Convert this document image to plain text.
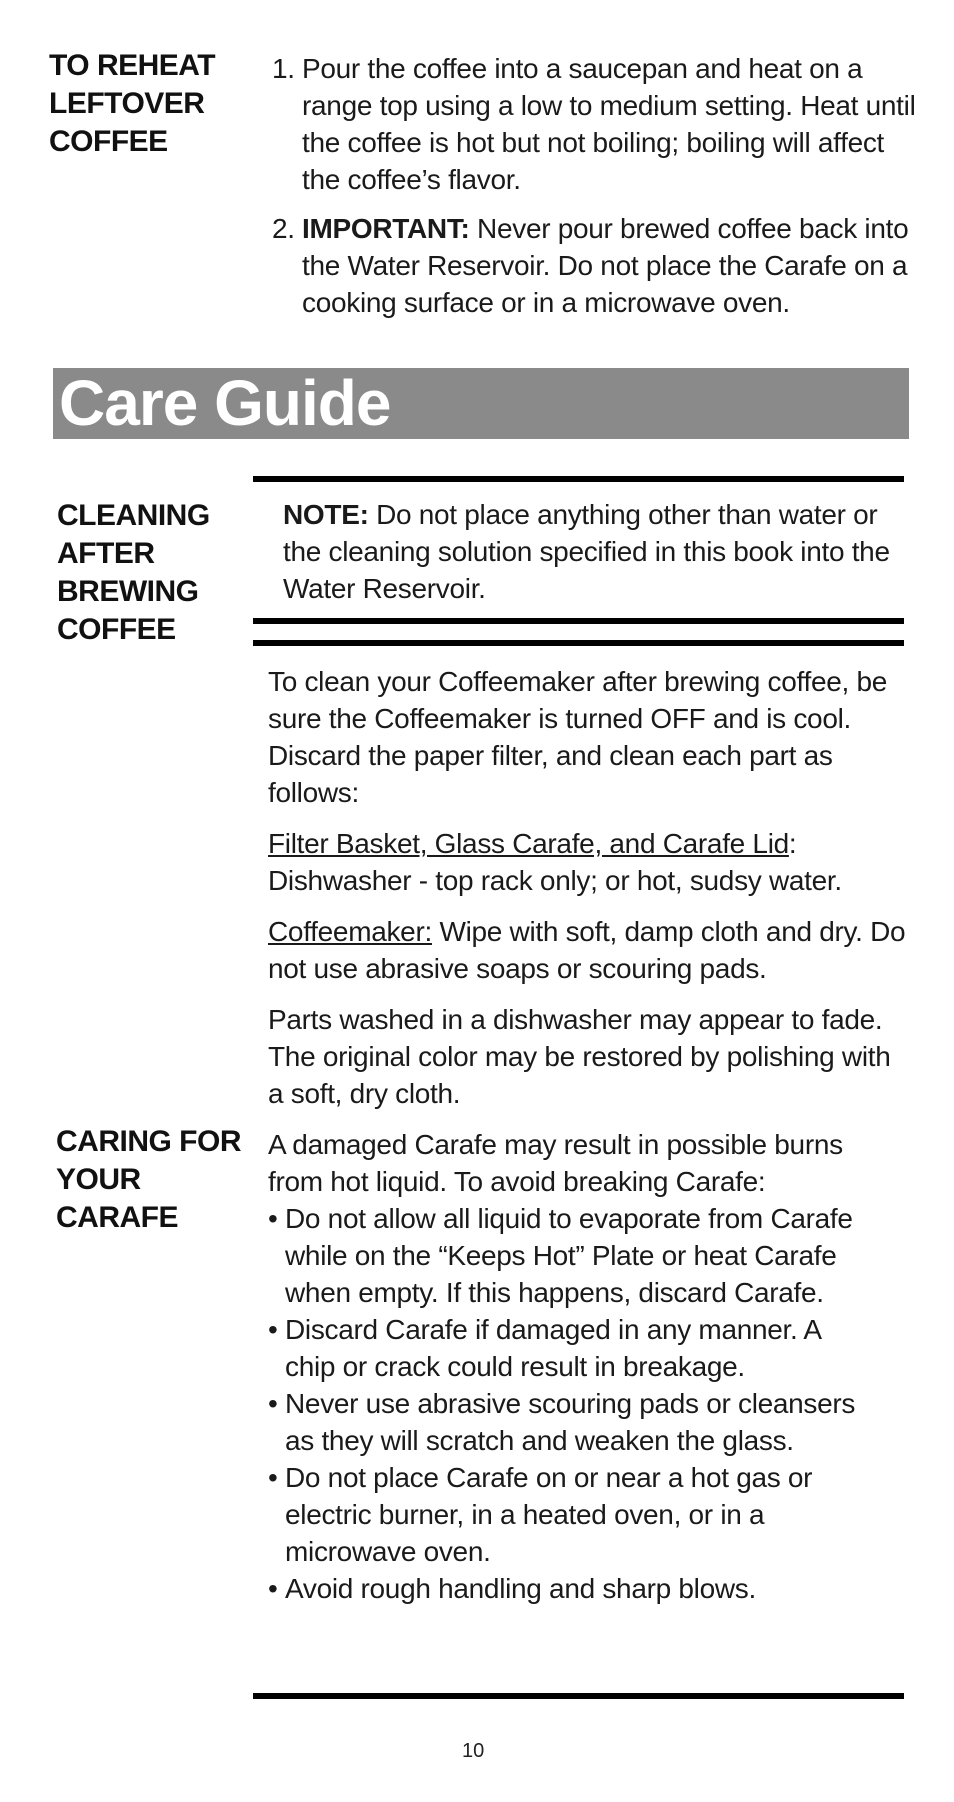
TO REHEAT
LEFTOVER
COFFEE
1. Pour the coffee into a saucepan and heat on a range top using a low to medium setting. Heat until the coffee is hot but not boiling; boiling will affect the coffee’s flavor.
2. IMPORTANT: Never pour brewed coffee back into the Water Reservoir. Do not place the Carafe on a cooking surface or in a microwave oven.
Care Guide
CLEANING
AFTER
BREWING
COFFEE
NOTE: Do not place anything other than water or the cleaning solution specified in this book into the Water Reservoir.

To clean your Coffeemaker after brewing coffee, be sure the Coffeemaker is turned OFF and is cool. Discard the paper filter, and clean each part as follows:

Filter Basket, Glass Carafe, and Carafe Lid: Dishwasher - top rack only; or hot, sudsy water.

Coffeemaker: Wipe with soft, damp cloth and dry. Do not use abrasive soaps or scouring pads.

Parts washed in a dishwasher may appear to fade. The original color may be restored by polishing with a soft, dry cloth.

CARING FOR
YOUR CARAFE
A damaged Carafe may result in possible burns from hot liquid. To avoid breaking Carafe:
• Do not allow all liquid to evaporate from Carafe while on the “Keeps Hot” Plate or heat Carafe when empty. If this happens, discard Carafe.
• Discard Carafe if damaged in any manner. A chip or crack could result in breakage.
• Never use abrasive scouring pads or cleansers as they will scratch and weaken the glass.
• Do not place Carafe on or near a hot gas or electric burner, in a heated oven, or in a microwave oven.
• Avoid rough handling and sharp blows.
10
